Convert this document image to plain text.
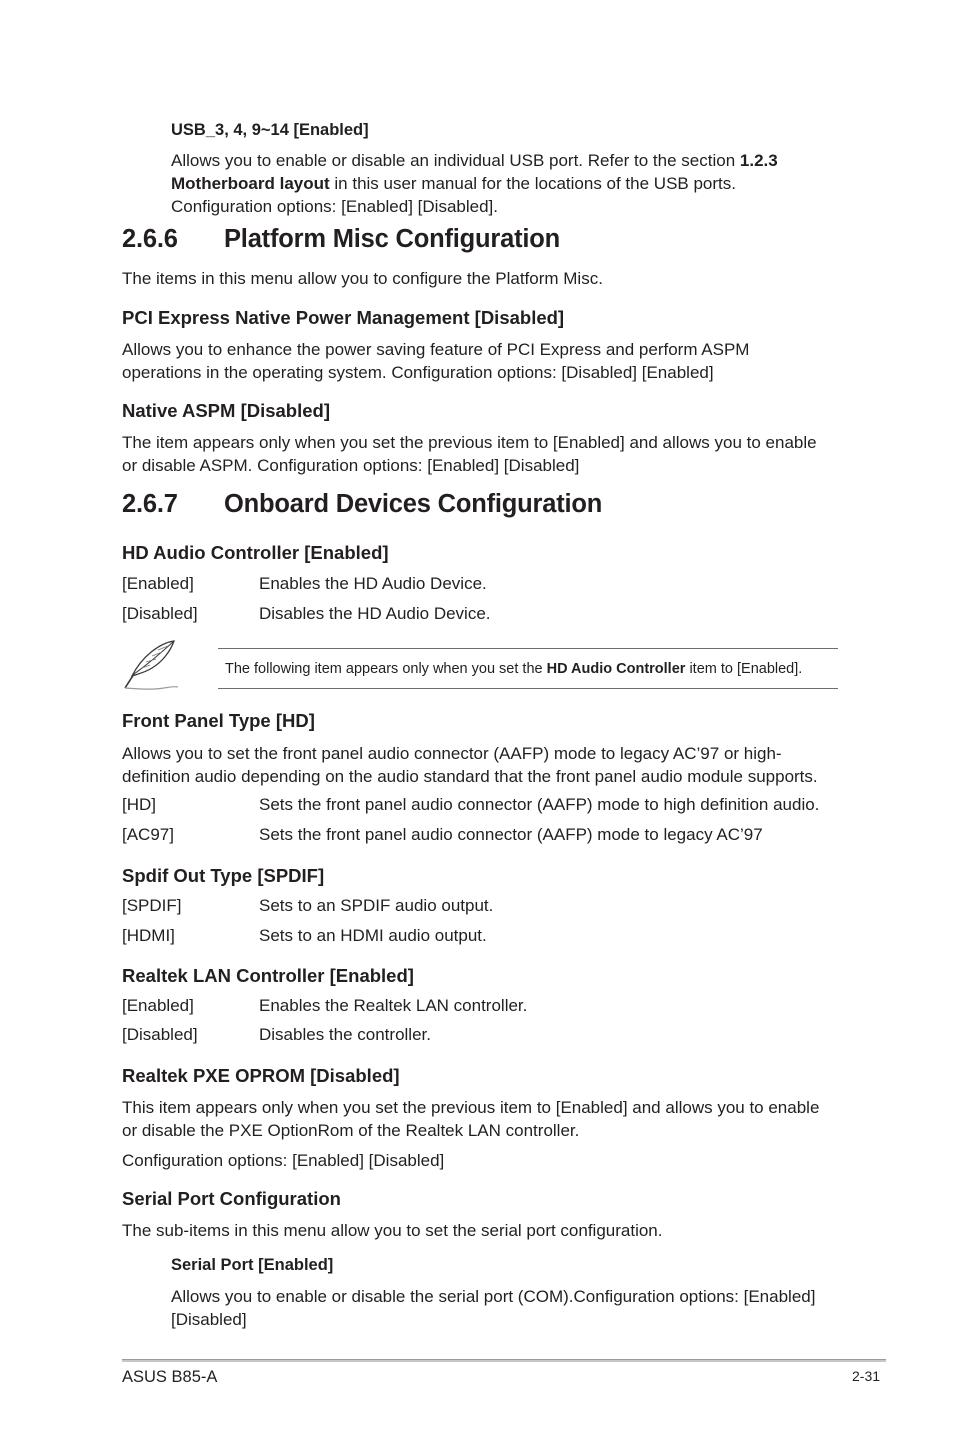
USB_3, 4, 9~14 [Enabled]
Allows you to enable or disable an individual USB port. Refer to the section 1.2.3
Motherboard layout in this user manual for the locations of the USB ports.
Configuration options: [Enabled] [Disabled].
2.6.6 Platform Misc Configuration
The items in this menu allow you to configure the Platform Misc.
PCI Express Native Power Management [Disabled]
Allows you to enhance the power saving feature of PCI Express and perform ASPM
operations in the operating system. Configuration options: [Disabled] [Enabled]
Native ASPM [Disabled]
The item appears only when you set the previous item to [Enabled] and allows you to enable
or disable ASPM. Configuration options: [Enabled] [Disabled]
2.6.7 Onboard Devices Configuration
HD Audio Controller [Enabled]
[Enabled]	Enables the HD Audio Device.
[Disabled]	Disables the HD Audio Device.
The following item appears only when you set the HD Audio Controller item to [Enabled].
Front Panel Type [HD]
Allows you to set the front panel audio connector (AAFP) mode to legacy AC’97 or high-
definition audio depending on the audio standard that the front panel audio module supports.
[HD]	Sets the front panel audio connector (AAFP) mode to high definition audio.
[AC97]	Sets the front panel audio connector (AAFP) mode to legacy AC’97
Spdif Out Type [SPDIF]
[SPDIF]	Sets to an SPDIF audio output.
[HDMI]	Sets to an HDMI audio output.
Realtek LAN Controller [Enabled]
[Enabled]	Enables the Realtek LAN controller.
[Disabled]	Disables the controller.
Realtek PXE OPROM [Disabled]
This item appears only when you set the previous item to [Enabled] and allows you to enable
or disable the PXE OptionRom of the Realtek LAN controller.
Configuration options: [Enabled] [Disabled]
Serial Port Configuration
The sub-items in this menu allow you to set the serial port configuration.
Serial Port [Enabled]
Allows you to enable or disable the serial port (COM).Configuration options: [Enabled]
[Disabled]
ASUS B85-A	2-31
